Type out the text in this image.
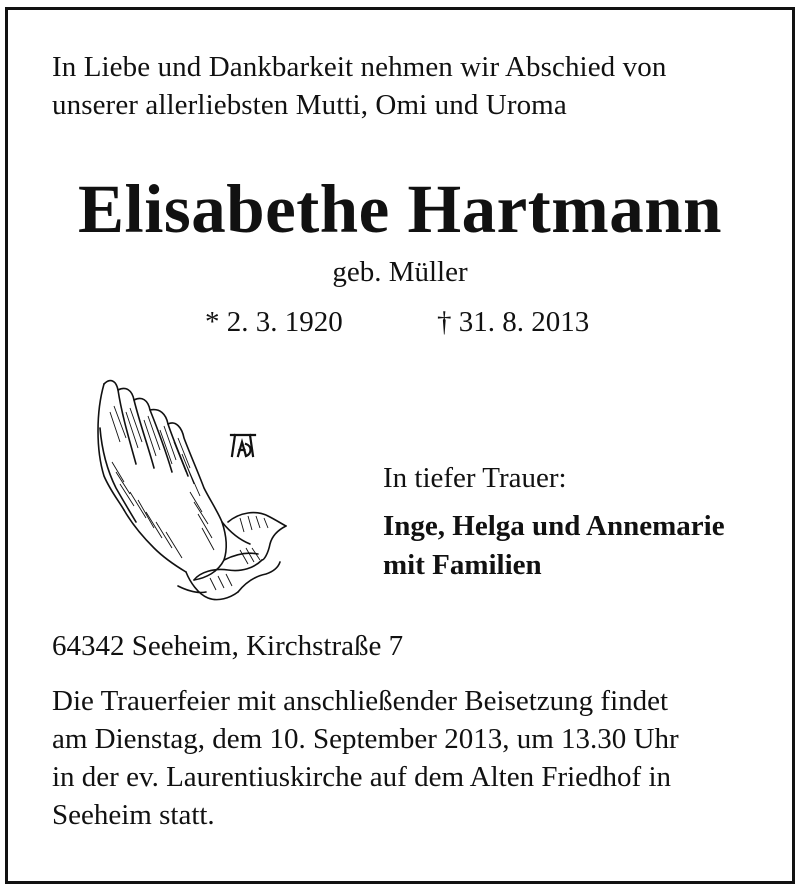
In Liebe und Dankbarkeit nehmen wir Abschied von
unserer allerliebsten Mutti, Omi und Uroma
Elisabethe Hartmann
geb. Müller
* 2. 3. 1920	† 31. 8. 2013
In tiefer Trauer:
Inge, Helga und Annemarie
mit Familien
64342 Seeheim, Kirchstraße 7
Die Trauerfeier mit anschließender Beisetzung findet
am Dienstag, dem 10. September 2013, um 13.30 Uhr
in der ev. Laurentiuskirche auf dem Alten Friedhof in
Seeheim statt.
